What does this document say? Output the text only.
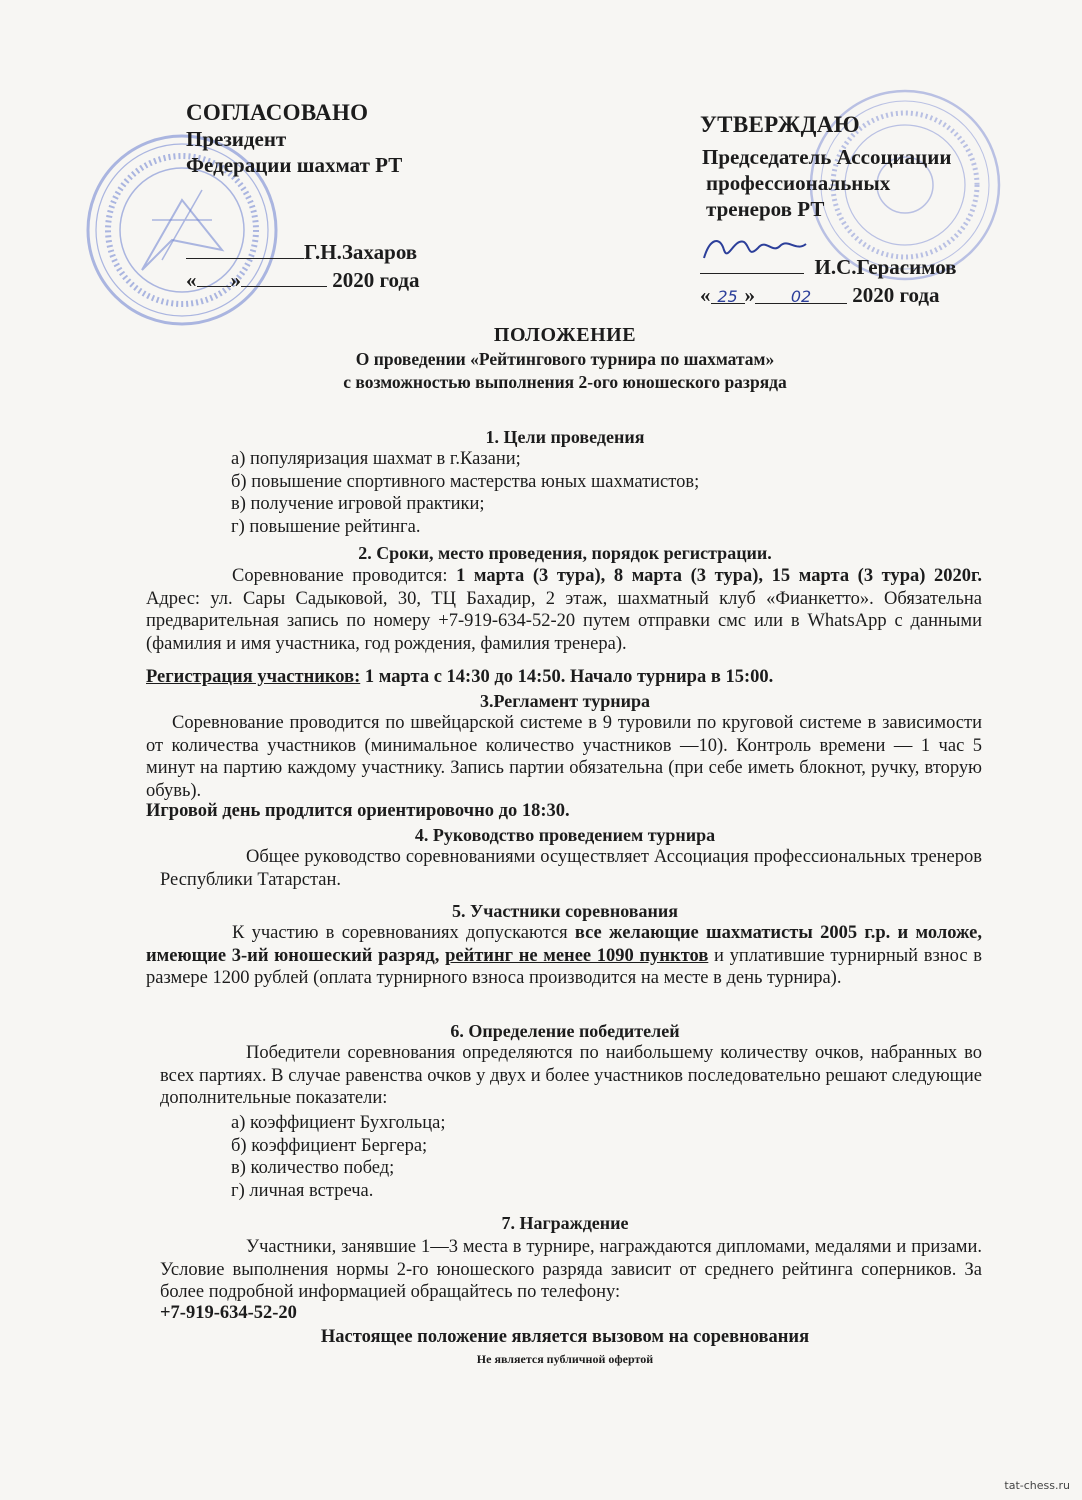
СОГЛАСОВАНО
Президент
Федерации шахмат РТ
Г.Н.Захаров
« »	2020 года
УТВЕРЖДАЮ
Председатель Ассоциации
профессиональных
тренеров РТ
И.С.Герасимов
« 25 » 02 2020 года
ПОЛОЖЕНИЕ
О проведении «Рейтингового турнира по шахматам»
с возможностью выполнения 2-ого юношеского разряда
1. Цели проведения
а) популяризация шахмат в г.Казани;
б) повышение спортивного мастерства юных шахматистов;
в) получение игровой практики;
г) повышение рейтинга.
2. Сроки, место проведения, порядок регистрации.
Соревнование проводится: 1 марта (3 тура), 8 марта (3 тура), 15 марта (3 тура) 2020г. Адрес: ул. Сары Садыковой, 30, ТЦ Бахадир, 2 этаж, шахматный клуб «Фианкетто». Обязательна предварительная запись по номеру +7-919-634-52-20 путем отправки смс или в WhatsApp с данными (фамилия и имя участника, год рождения, фамилия тренера).
Регистрация участников: 1 марта с 14:30 до 14:50. Начало турнира в 15:00.
3.Регламент турнира
Соревнование проводится по швейцарской системе в 9 туровили по круговой системе в зависимости от количества участников (минимальное количество участников —10). Контроль времени — 1 час 5 минут на партию каждому участнику. Запись партии обязательна (при себе иметь блокнот, ручку, вторую обувь).
Игровой день продлится ориентировочно до 18:30.
4. Руководство проведением турнира
Общее руководство соревнованиями осуществляет Ассоциация профессиональных тренеров Республики Татарстан.
5. Участники соревнования
К участию в соревнованиях допускаются все желающие шахматисты 2005 г.р. и моложе, имеющие 3-ий юношеский разряд, рейтинг не менее 1090 пунктов и уплатившие турнирный взнос в размере 1200 рублей (оплата турнирного взноса производится на месте в день турнира).
6. Определение победителей
Победители соревнования определяются по наибольшему количеству очков, набранных во всех партиях. В случае равенства очков у двух и более участников последовательно решают следующие дополнительные показатели:
а) коэффициент Бухгольца;
б) коэффициент Бергера;
в) количество побед;
г) личная встреча.
7. Награждение
Участники, занявшие 1—3 места в турнире, награждаются дипломами, медалями и призами. Условие выполнения нормы 2-го юношеского разряда зависит от среднего рейтинга соперников. За более подробной информацией обращайтесь по телефону:
+7-919-634-52-20
Настоящее положение является вызовом на соревнования
Не является публичной офертой
tat-chess.ru
